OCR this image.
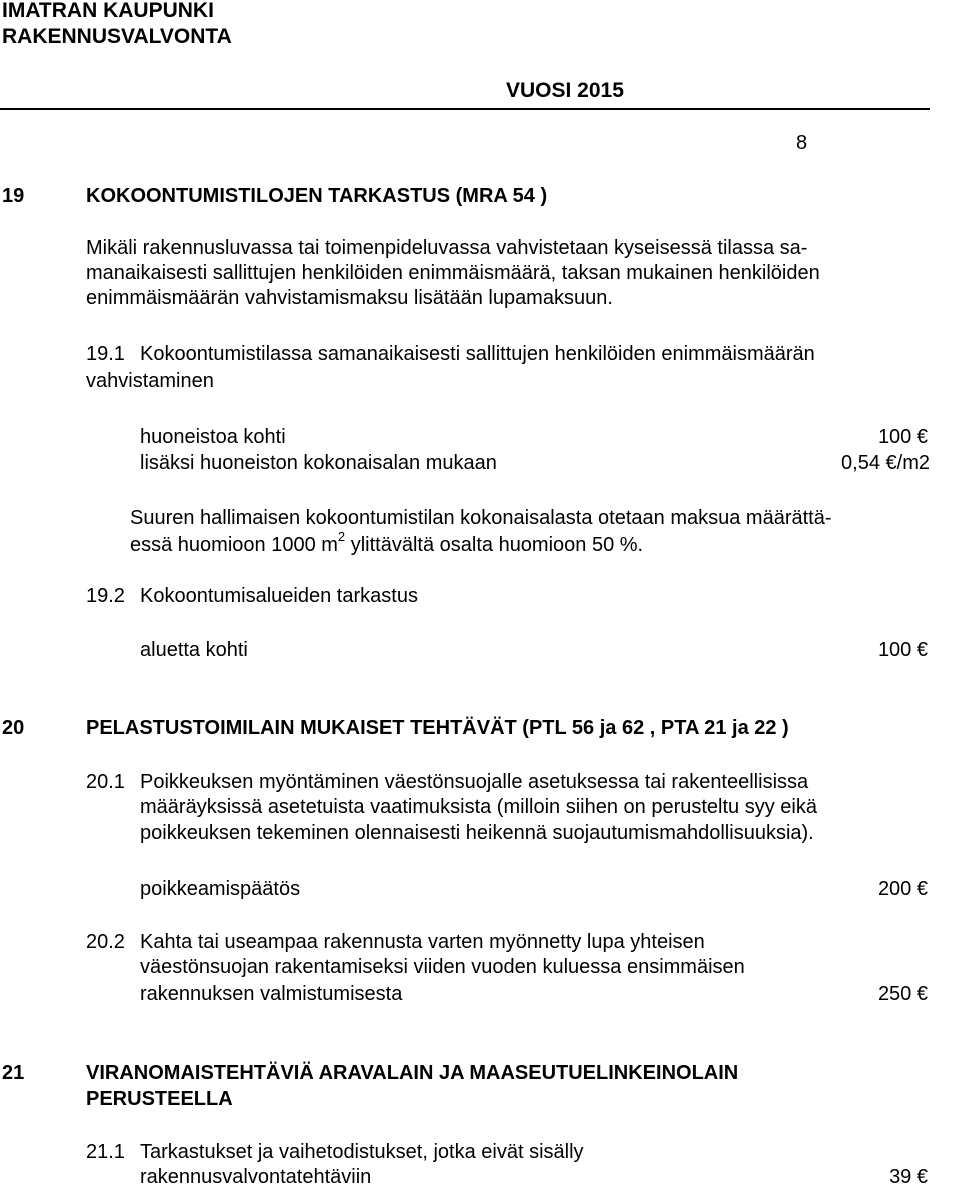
IMATRAN KAUPUNKI
RAKENNUSVALVONTA
VUOSI 2015
8
19	KOKOONTUMISTILOJEN TARKASTUS (MRA 54 )
Mikäli rakennusluvassa tai toimenpideluvassa vahvistetaan kyseisessä tilassa sa-
manaikaisesti sallittujen henkilöiden enimmäismäärä, taksan mukainen henkilöiden
enimmäismäärän vahvistamismaksu lisätään lupamaksuun.
19.1 Kokoontumistilassa samanaikaisesti sallittujen henkilöiden enimmäismäärän
vahvistaminen
huoneistoa kohti	100 €
lisäksi huoneiston kokonaisalan mukaan	0,54 €/m2
Suuren hallimaisen kokoontumistilan kokonaisalasta otetaan maksua määrättä-
essä huomioon 1000 $m^2$ ylittävältä osalta huomioon 50 %.
19.2 Kokoontumisalueiden tarkastus
aluetta kohti	100 €
20	PELASTUSTOIMILAIN MUKAISET TEHTÄVÄT (PTL 56 ja 62 , PTA 21 ja 22 )
20.1 Poikkeuksen myöntäminen väestönsuojalle asetuksessa tai rakenteellisissa
määräyksissä asetetuista vaatimuksista (milloin siihen on perusteltu syy eikä
poikkeuksen tekeminen olennaisesti heikennä suojautumismahdollisuuksia).
poikkeamispäätös	200 €
20.2 Kahta tai useampaa rakennusta varten myönnetty lupa yhteisen
väestönsuojan rakentamiseksi viiden vuoden kuluessa ensimmäisen
rakennuksen valmistumisesta	250 €
21	VIRANOMAISTEHTÄVIÄ ARAVALAIN JA MAASEUTUELINKEINOLAIN
PERUSTEELLA
21.1 Tarkastukset ja vaihetodistukset, jotka eivät sisälly
rakennusvalvontatehtäviin	39 €
